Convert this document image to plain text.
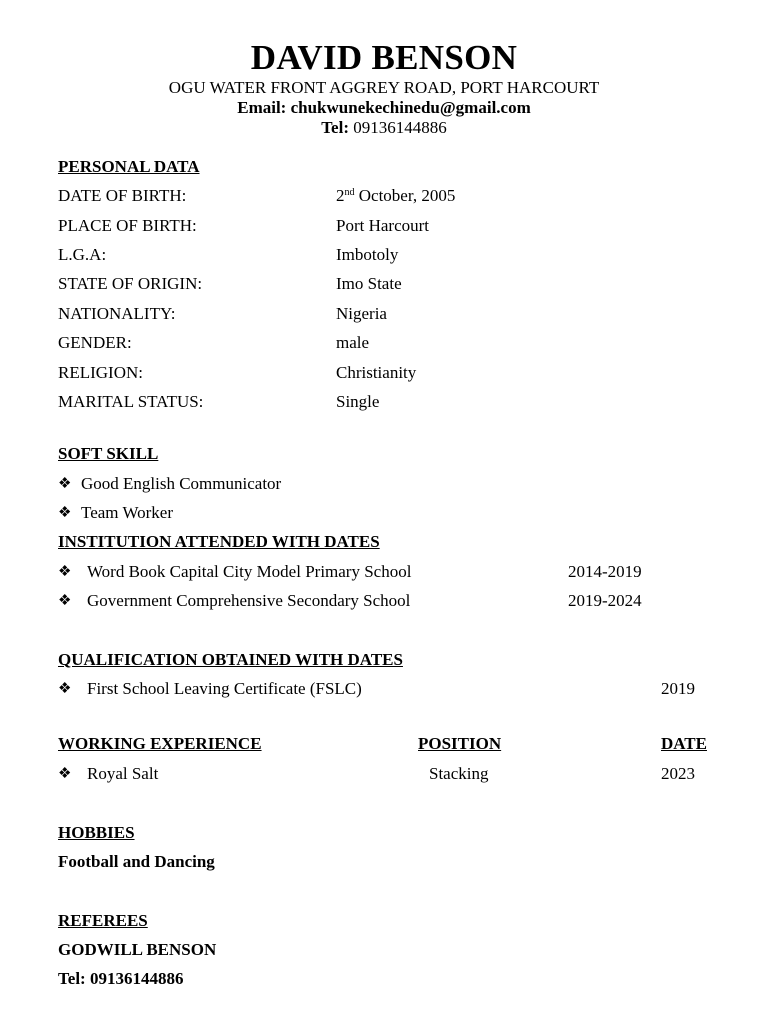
DAVID BENSON
OGU WATER FRONT AGGREY ROAD, PORT HARCOURT
Email: chukwunekechinedu@gmail.com
Tel: 09136144886
PERSONAL DATA
DATE OF BIRTH:	2nd October, 2005
PLACE OF BIRTH:	Port Harcourt
L.G.A:	Imbotoly
STATE OF ORIGIN:	Imo State
NATIONALITY:	Nigeria
GENDER:	male
RELIGION:	Christianity
MARITAL STATUS:	Single
SOFT SKILL
❖ Good English Communicator
❖ Team Worker
INSTITUTION ATTENDED WITH DATES
❖ Word Book Capital City Model Primary School	2014-2019
❖ Government Comprehensive Secondary School	2019-2024
QUALIFICATION OBTAINED WITH DATES
❖ First School Leaving Certificate (FSLC)	2019
WORKING EXPERIENCE	POSITION	DATE
❖ Royal Salt	Stacking	2023
HOBBIES
Football and Dancing
REFEREES
GODWILL BENSON
Tel: 09136144886
